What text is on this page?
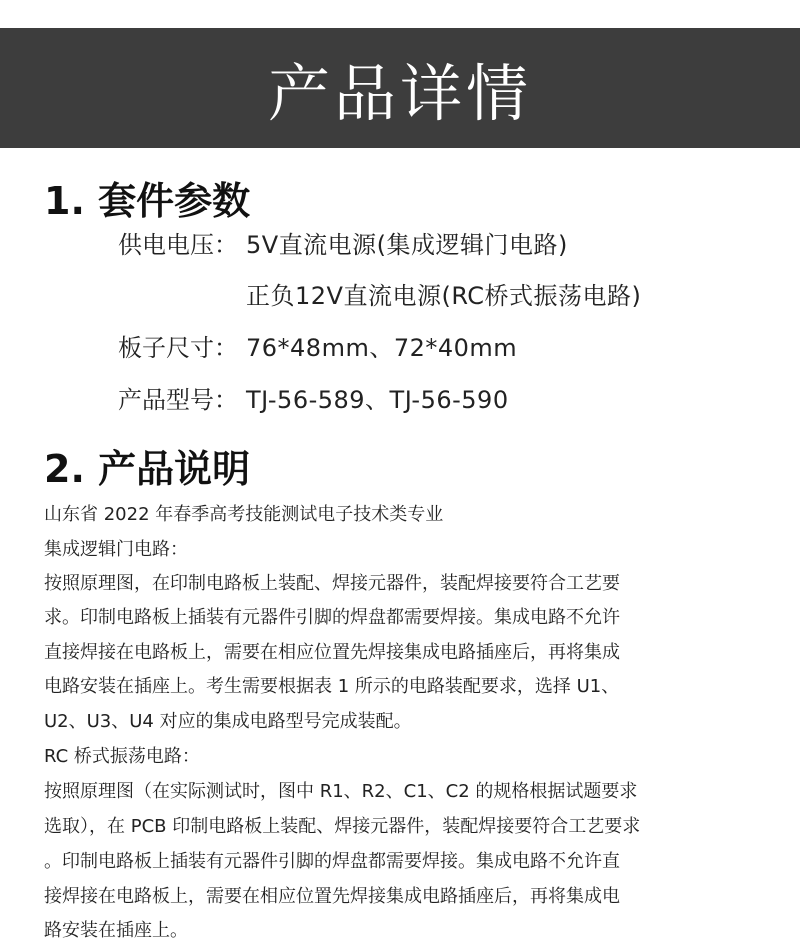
产品详情
1. 套件参数
供电电压： 5V直流电源(集成逻辑门电路)
正负12V直流电源(RC桥式振荡电路)
板子尺寸： 76*48mm、72*40mm
产品型号： TJ-56-589、TJ-56-590
2. 产品说明
山东省 2022 年春季高考技能测试电子技术类专业
集成逻辑门电路：
按照原理图，在印制电路板上装配、焊接元器件，装配焊接要符合工艺要
求。印制电路板上插装有元器件引脚的焊盘都需要焊接。集成电路不允许
直接焊接在电路板上，需要在相应位置先焊接集成电路插座后，再将集成
电路安装在插座上。考生需要根据表 1 所示的电路装配要求，选择 U1、
U2、U3、U4 对应的集成电路型号完成装配。
RC 桥式振荡电路：
按照原理图（在实际测试时，图中 R1、R2、C1、C2 的规格根据试题要求
选取），在 PCB 印制电路板上装配、焊接元器件，装配焊接要符合工艺要求
。印制电路板上插装有元器件引脚的焊盘都需要焊接。集成电路不允许直
接焊接在电路板上，需要在相应位置先焊接集成电路插座后，再将集成电
路安装在插座上。
